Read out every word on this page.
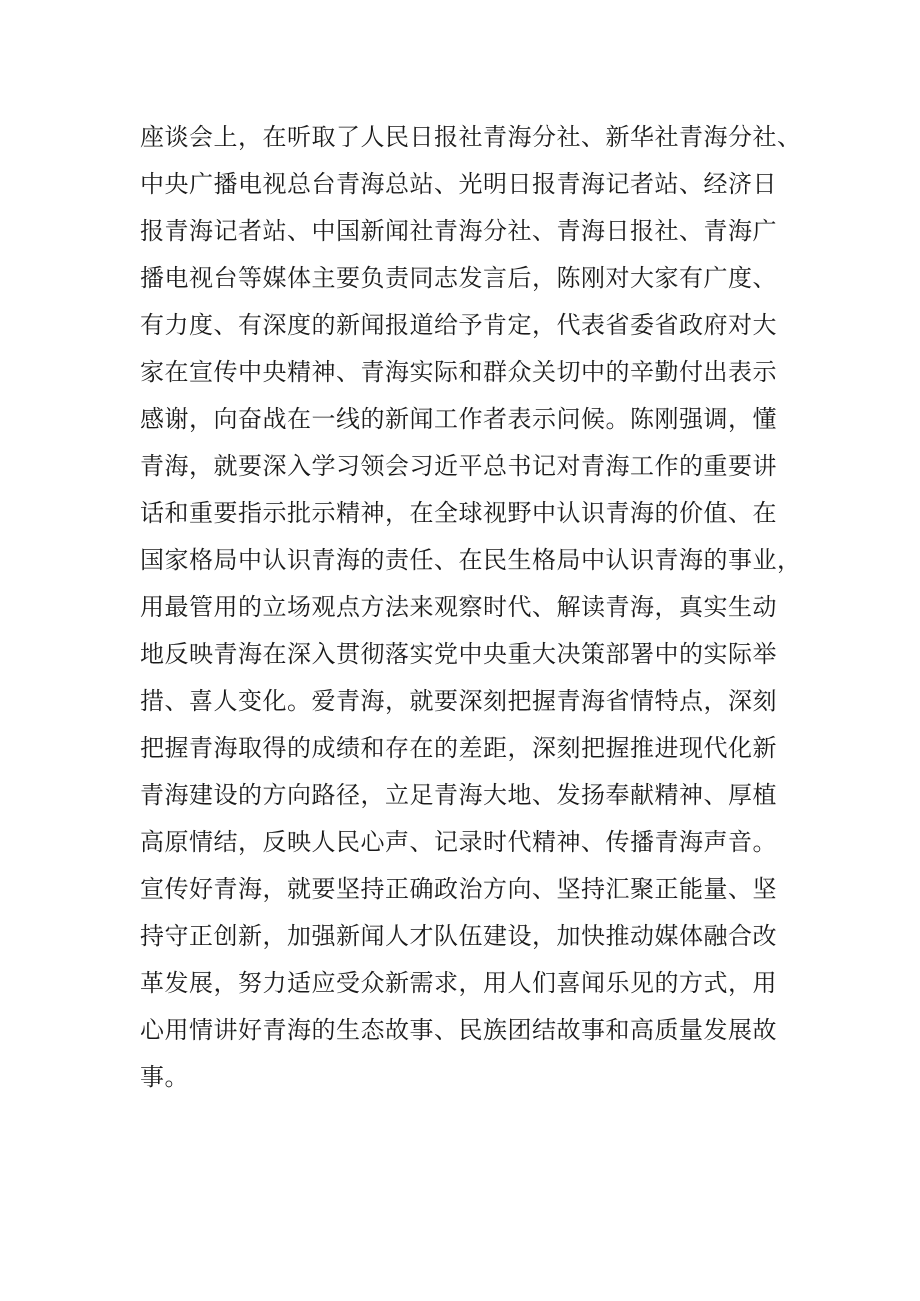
座谈会上，在听取了人民日报社青海分社、新华社青海分社、
中央广播电视总台青海总站、光明日报青海记者站、经济日
报青海记者站、中国新闻社青海分社、青海日报社、青海广
播电视台等媒体主要负责同志发言后，陈刚对大家有广度、
有力度、有深度的新闻报道给予肯定，代表省委省政府对大
家在宣传中央精神、青海实际和群众关切中的辛勤付出表示
感谢，向奋战在一线的新闻工作者表示问候。陈刚强调，懂
青海，就要深入学习领会习近平总书记对青海工作的重要讲
话和重要指示批示精神，在全球视野中认识青海的价值、在
国家格局中认识青海的责任、在民生格局中认识青海的事业，
用最管用的立场观点方法来观察时代、解读青海，真实生动
地反映青海在深入贯彻落实党中央重大决策部署中的实际举
措、喜人变化。爱青海，就要深刻把握青海省情特点，深刻
把握青海取得的成绩和存在的差距，深刻把握推进现代化新
青海建设的方向路径，立足青海大地、发扬奉献精神、厚植
高原情结，反映人民心声、记录时代精神、传播青海声音。
宣传好青海，就要坚持正确政治方向、坚持汇聚正能量、坚
持守正创新，加强新闻人才队伍建设，加快推动媒体融合改
革发展，努力适应受众新需求，用人们喜闻乐见的方式，用
心用情讲好青海的生态故事、民族团结故事和高质量发展故
事。
